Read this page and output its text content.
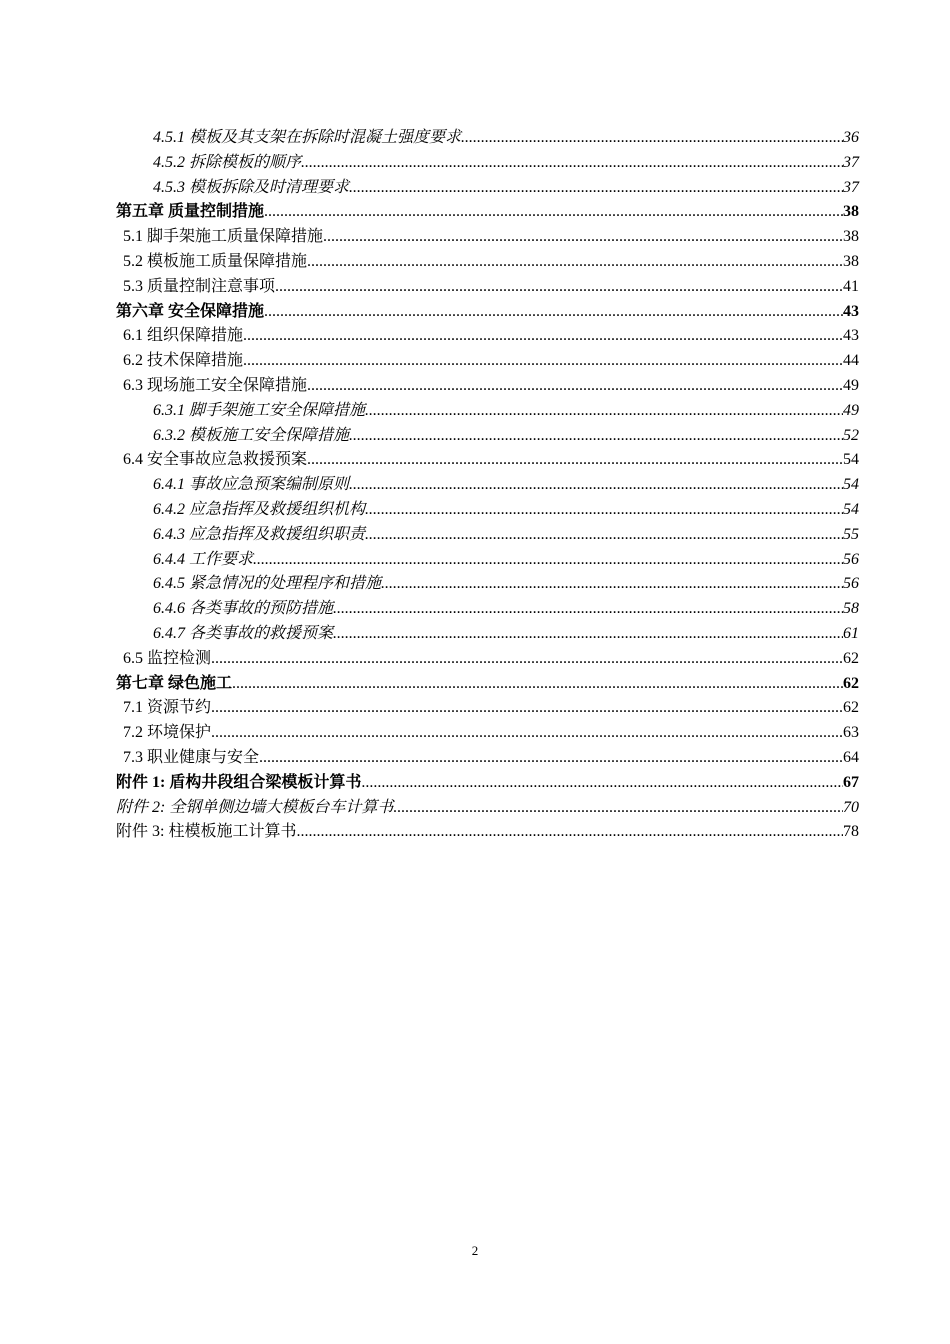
4.5.1 模板及其支架在拆除时混凝土强度要求 .....	36
4.5.2 拆除模板的顺序 .....	37
4.5.3 模板拆除及时清理要求 .....	37
第五章 质量控制措施 .....	38
5.1 脚手架施工质量保障措施 .....	38
5.2 模板施工质量保障措施 .....	38
5.3 质量控制注意事项 .....	41
第六章 安全保障措施 .....	43
6.1 组织保障措施 .....	43
6.2 技术保障措施 .....	44
6.3 现场施工安全保障措施 .....	49
6.3.1 脚手架施工安全保障措施 .....	49
6.3.2 模板施工安全保障措施 .....	52
6.4 安全事故应急救援预案 .....	54
6.4.1 事故应急预案编制原则 .....	54
6.4.2 应急指挥及救援组织机构 .....	54
6.4.3 应急指挥及救援组织职责 .....	55
6.4.4 工作要求 .....	56
6.4.5 紧急情况的处理程序和措施 .....	56
6.4.6 各类事故的预防措施 .....	58
6.4.7 各类事故的救援预案 .....	61
6.5 监控检测 .....	62
第七章 绿色施工 .....	62
7.1 资源节约 .....	62
7.2 环境保护 .....	63
7.3 职业健康与安全 .....	64
附件 1: 盾构井段组合梁模板计算书 .....	67
附件 2: 全钢单侧边墙大模板台车计算书 .....	70
附件 3: 柱模板施工计算书 .....	78
2
